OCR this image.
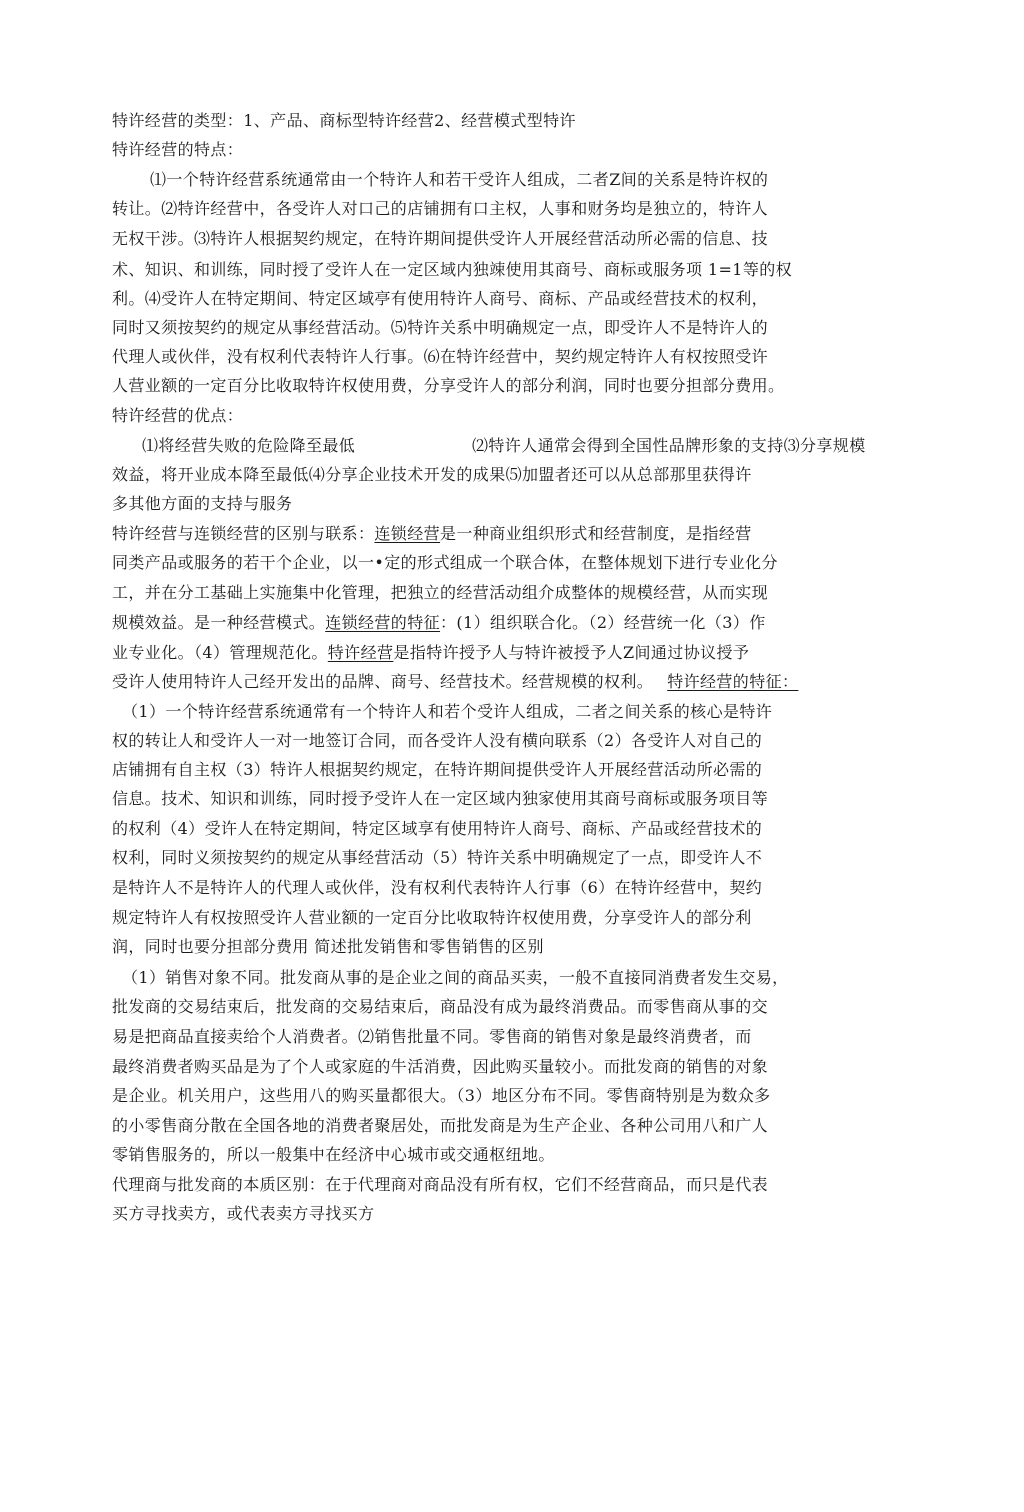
特许经营的类型：1、产品、商标型特许经营2、经营模式型特许
特许经营的特点：
⑴一个特许经营系统通常由一个特许人和若干受许人组成，二者Z间的关系是特许权的
转让。⑵特许经营中，各受许人对口己的店铺拥有口主权，人事和财务均是独立的，特许人
无权干涉。⑶特许人根据契约规定，在特许期间提供受许人开展经营活动所必需的信息、技
术、知识、和训练，同时授了受许人在一定区域内独竦使用其商号、商标或服务项 1=1等的权
利。⑷受许人在特定期间、特定区域亭有使用特许人商号、商标、产品或经营技术的权利，
同时又须按契约的规定从事经营活动。⑸特许关系中明确规定一点，即受许人不是特许人的
代理人或伙伴，没有权利代表特许人行事。⑹在特许经营中，契约规定特许人有权按照受许
人营业额的一定百分比收取特许权使用费，分享受许人的部分利润，同时也要分担部分费用。
特许经营的优点：
⑴将经营失败的危险降至最低	⑵特许人通常会得到全国性品牌形象的支持⑶分享规模
效益，将开业成本降至最低⑷分享企业技术开发的成果⑸加盟者还可以从总部那里获得许
多其他方面的支持与服务
特许经营与连锁经营的区别与联系：连锁经营是一种商业组织形式和经营制度，是指经营
同类产品或服务的若干个企业，以一•定的形式组成一个联合体，在整体规划下进行专业化分
工，并在分工基础上实施集中化管理，把独立的经营活动组介成整体的规模经营，从而实现
规模效益。是一种经营模式。连锁经营的特征：(1）组织联合化。（2）经营统一化（3）作
业专业化。（4）管理规范化。特许经营是指特许授予人与特许被授予人Z间通过协议授予
受许人使用特许人己经开发出的品牌、商号、经营技术。经营规模的权利。 特许经营的特征：
（1）一个特许经营系统通常有一个特许人和若个受许人组成，二者之间关系的核心是特许
权的转让人和受许人一对一地签订合同，而各受许人没有横向联系（2）各受许人对自己的
店铺拥有自主权（3）特许人根据契约规定，在特许期间提供受许人开展经营活动所必需的
信息。技术、知识和训练，同时授予受许人在一定区域内独家使用其商号商标或服务项目等
的权利（4）受许人在特定期间，特定区域享有使用特许人商号、商标、产品或经营技术的
权利，同时义须按契约的规定从事经营活动（5）特许关系中明确规定了一点，即受许人不
是特许人不是特许人的代理人或伙伴，没有权利代表特许人行事（6）在特许经营中，契约
规定特许人有权按照受许人营业额的一定百分比收取特许权使用费，分享受许人的部分利
润，同时也要分担部分费用 简述批发销售和零售销售的区别
（1）销售对象不同。批发商从事的是企业之间的商品买卖，一般不直接同消费者发生交易，
批发商的交易结束后，批发商的交易结束后，商品没有成为最终消费品。而零售商从事的交
易是把商品直接卖给个人消费者。⑵销售批量不同。零售商的销售对象是最终消费者，而
最终消费者购买品是为了个人或家庭的牛活消费，因此购买量较小。而批发商的销售的对象
是企业。机关用户，这些用八的购买量都很大。（3）地区分布不同。零售商特别是为数众多
的小零售商分散在全国各地的消费者聚居处，而批发商是为生产企业、各种公司用八和广人
零销售服务的，所以一般集中在经济中心城市或交通枢纽地。
代理商与批发商的本质区别：在于代理商对商品没有所有权，它们不经营商品，而只是代表
买方寻找卖方，或代表卖方寻找买方
